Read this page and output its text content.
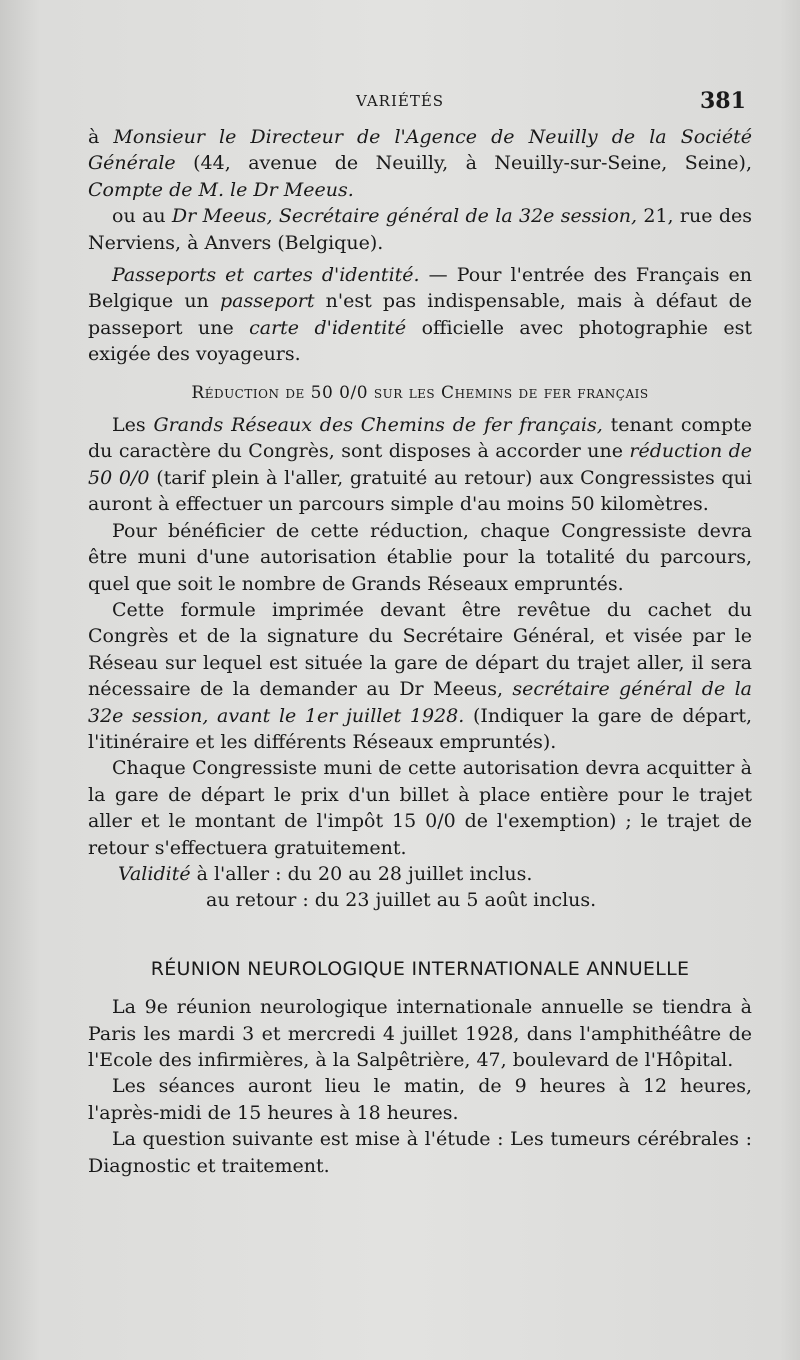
VARIÉTÉS	381

à Monsieur le Directeur de l'Agence de Neuilly de la Société Générale (44, avenue de Neuilly, à Neuilly-sur-Seine, Seine), Compte de M. le Dr Meeus.

ou au Dr Meeus, Secrétaire général de la 32e session, 21, rue des Nerviens, à Anvers (Belgique).

Passeports et cartes d'identité. — Pour l'entrée des Français en Belgique un passeport n'est pas indispensable, mais à défaut de passeport une carte d'identité officielle avec photographie est exigée des voyageurs.

Réduction de 50 0/0 sur les Chemins de fer français

Les Grands Réseaux des Chemins de fer français, tenant compte du caractère du Congrès, sont disposes à accorder une réduction de 50 0/0 (tarif plein à l'aller, gratuité au retour) aux Congressistes qui auront à effectuer un parcours simple d'au moins 50 kilomètres.

Pour bénéficier de cette réduction, chaque Congressiste devra être muni d'une autorisation établie pour la totalité du parcours, quel que soit le nombre de Grands Réseaux empruntés.

Cette formule imprimée devant être revêtue du cachet du Congrès et de la signature du Secrétaire Général, et visée par le Réseau sur lequel est située la gare de départ du trajet aller, il sera nécessaire de la demander au Dr Meeus, secrétaire général de la 32e session, avant le 1er juillet 1928. (Indiquer la gare de départ, l'itinéraire et les différents Réseaux empruntés).

Chaque Congressiste muni de cette autorisation devra acquitter à la gare de départ le prix d'un billet à place entière pour le trajet aller et le montant de l'impôt 15 0/0 de l'exemption) ; le trajet de retour s'effectuera gratuitement.

Validité à l'aller : du 20 au 28 juillet inclus.

au retour : du 23 juillet au 5 août inclus.

RÉUNION NEUROLOGIQUE INTERNATIONALE ANNUELLE

La 9e réunion neurologique internationale annuelle se tiendra à Paris les mardi 3 et mercredi 4 juillet 1928, dans l'amphithéâtre de l'Ecole des infirmières, à la Salpêtrière, 47, boulevard de l'Hôpital.

Les séances auront lieu le matin, de 9 heures à 12 heures, l'après-midi de 15 heures à 18 heures.

La question suivante est mise à l'étude : Les tumeurs cérébrales : Diagnostic et traitement.
